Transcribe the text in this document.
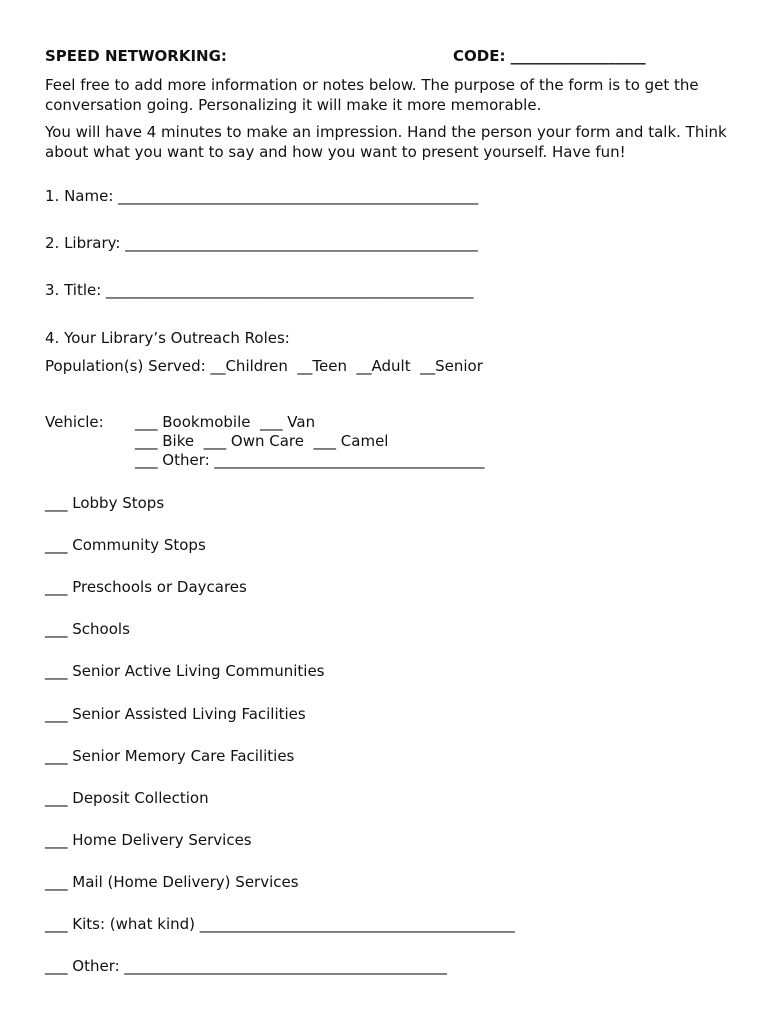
SPEED NETWORKING:	CODE: __________________
Feel free to add more information or notes below. The purpose of the form is to get the conversation going. Personalizing it will make it more memorable.
You will have 4 minutes to make an impression. Hand the person your form and talk. Think about what you want to say and how you want to present yourself. Have fun!
1. Name: ________________________________________________
2. Library: _______________________________________________
3. Title: _________________________________________________
4. Your Library’s Outreach Roles:
Population(s) Served: __Children  __Teen  __Adult  __Senior
Vehicle: ___ Bookmobile  ___ Van
___ Bike  ___ Own Care  ___ Camel
___ Other: ____________________________________
___ Lobby Stops
___ Community Stops
___ Preschools or Daycares
___ Schools
___ Senior Active Living Communities
___ Senior Assisted Living Facilities
___ Senior Memory Care Facilities
___ Deposit Collection
___ Home Delivery Services
___ Mail (Home Delivery) Services
___ Kits: (what kind) __________________________________________
___ Other: ___________________________________________
